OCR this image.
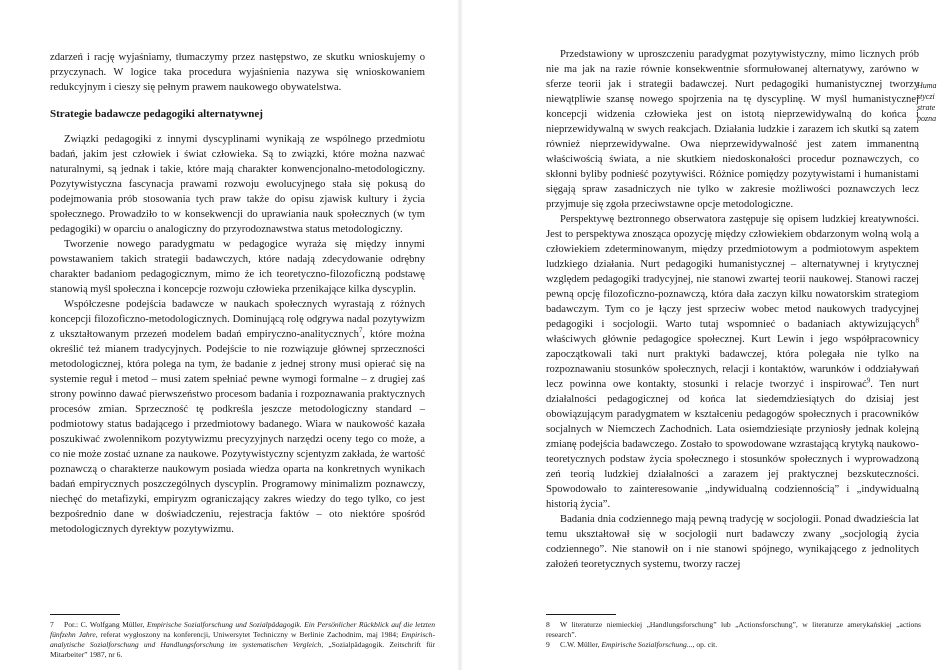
zdarzeń i rację wyjaśniamy, tłumaczymy przez następstwo, ze skutku wnioskujemy o przyczynach. W logice taka procedura wyjaśnienia nazywa się wnioskowaniem redukcyjnym i cieszy się pełnym prawem naukowego obywatelstwa.

Strategie badawcze pedagogiki alternatywnej

Związki pedagogiki z innymi dyscyplinami wynikają ze wspólnego przedmiotu badań, jakim jest człowiek i świat człowieka. Są to związki, które można nazwać naturalnymi, są jednak i takie, które mają charakter konwencjonalno-metodologiczny. Pozytywistyczna fascynacja prawami rozwoju ewolucyjnego stała się pokusą do podejmowania prób stosowania tych praw także do opisu zjawisk kultury i życia społecznego. Prowadziło to w konsekwencji do uprawiania nauk społecznych (w tym pedagogiki) w oparciu o analogiczny do przyrodoznawstwa status metodologiczny.

Tworzenie nowego paradygmatu w pedagogice wyraża się między innymi powstawaniem takich strategii badawczych, które nadają zdecydowanie odrębny charakter badaniom pedagogicznym, mimo że ich teoretyczno-filozoficzną podstawę stanowią myśl społeczna i koncepcje rozwoju człowieka przenikające kilka dyscyplin.

Współczesne podejścia badawcze w naukach społecznych wyrastają z różnych koncepcji filozoficzno-metodologicznych. Dominującą rolę odgrywa nadal pozytywizm z ukształtowanym przezeń modelem badań empiryczno-analitycznych$^7$, które można określić też mianem tradycyjnych. Podejście to nie rozwiązuje głównej sprzeczności metodologicznej, która polega na tym, że badanie z jednej strony musi opierać się na systemie reguł i metod – musi zatem spełniać pewne wymogi formalne – z drugiej zaś strony powinno dawać pierwszeństwo procesom badania i rozpoznawania praktycznych procesów zmian. Sprzeczność tę podkreśla jeszcze metodologiczny standard – podmiotowy status badającego i przedmiotowy badanego. Wiara w naukowość kazała poszukiwać zwolennikom pozytywizmu precyzyjnych narzędzi oceny tego co może, a co nie może zostać uznane za naukowe. Pozytywistyczny scjentyzm zakłada, że wartość poznawczą o charakterze naukowym posiada wiedza oparta na konkretnych wynikach badań empirycznych poszczególnych dyscyplin. Programowy minimalizm poznawczy, niechęć do metafizyki, empiryzm ograniczający zakres wiedzy do tego tylko, co jest bezpośrednio dane w doświadczeniu, rejestracja faktów – oto niektóre spośród metodologicznych dyrektyw pozytywizmu.

7 Por.: C. Wolfgang Müller, Empirische Sozialforschung und Sozialpädagogik. Ein Persönlicher Rückblick auf die letzten fünfzehn Jahre, referat wygłoszony na konferencji, Uniwersytet Techniczny w Berlinie Zachodnim, maj 1984; Empirisch-analytische Sozialforschung und Handlungsforschung im systematischen Vergleich, „Sozialpädagogik. Zeitschrift für Mitarbeiter” 1987, nr 6.

Przedstawiony w uproszczeniu paradygmat pozytywistyczny, mimo licznych prób nie ma jak na razie równie konsekwentnie sformułowanej alternatywy, zarówno w sferze teorii jak i strategii badawczej. Nurt pedagogiki humanistycznej tworzy niewątpliwie szansę nowego spojrzenia na tę dyscyplinę. W myśl humanistycznej koncepcji widzenia człowieka jest on istotą nieprzewidywalną do końca i nieprzewidywalną w swych reakcjach. Działania ludzkie i zarazem ich skutki są zatem również nieprzewidywalne. Owa nieprzewidywalność jest zatem immanentną właściwością świata, a nie skutkiem niedoskonałości procedur poznawczych, co skłonni byliby podnieść pozytywiści. Różnice pomiędzy pozytywistami i humanistami sięgają spraw zasadniczych nie tylko w zakresie możliwości poznawczych lecz przyjmuje się zgoła przeciwstawne opcje metodologiczne.

Perspektywę beztronnego obserwatora zastępuje się opisem ludzkiej kreatywności. Jest to perspektywa znosząca opozycję między człowiekiem obdarzonym wolną wolą a człowiekiem zdeterminowanym, między przedmiotowym a podmiotowym aspektem ludzkiego działania. Nurt pedagogiki humanistycznej – alternatywnej i krytycznej względem pedagogiki tradycyjnej, nie stanowi zwartej teorii naukowej. Stanowi raczej pewną opcję filozoficzno-poznawczą, która dała zaczyn kilku nowatorskim strategiom badawczym. Tym co je łączy jest sprzeciw wobec metod naukowych tradycyjnej pedagogiki i socjologii. Warto tutaj wspomnieć o badaniach aktywizujących$^8$ właściwych głównie pedagogice społecznej. Kurt Lewin i jego współpracownicy zapoczątkowali taki nurt praktyki badawczej, która polegała nie tylko na rozpoznawaniu stosunków społecznych, relacji i kontaktów, warunków i oddziaływań lecz powinna owe kontakty, stosunki i relacje tworzyć i inspirować$^9$. Ten nurt działalności pedagogicznej od końca lat siedemdziesiątych do dzisiaj jest obowiązującym paradygmatem w kształceniu pedagogów społecznych i pracowników socjalnych w Niemczech Zachodnich. Lata osiemdziesiąte przyniosły jednak kolejną zmianę podejścia badawczego. Zostało to spowodowane wzrastającą krytyką naukowo-teoretycznych podstaw życia społecznego i stosunków społecznych i wyprowadzoną zeń teorią ludzkiej działalności a zarazem jej praktycznej bezskuteczności. Spowodowało to zainteresowanie „indywidualną codziennością” i „indywidualną historią życia”.

Badania dnia codziennego mają pewną tradycję w socjologii. Ponad dwadzieścia lat temu ukształtował się w socjologii nurt badawczy zwany „socjologią życia codziennego”. Nie stanowił on i nie stanowi spójnego, wynikającego z jednolitych założeń teoretycznych systemu, tworzy raczej

8 W literaturze niemieckiej „Handlungsforschung” lub „Actionsforschung”, w literaturze amerykańskiej „actions research”.
9 C.W. Müller, Empirische Sozialforschung..., op. cit.
Huma styczi strate pozna
